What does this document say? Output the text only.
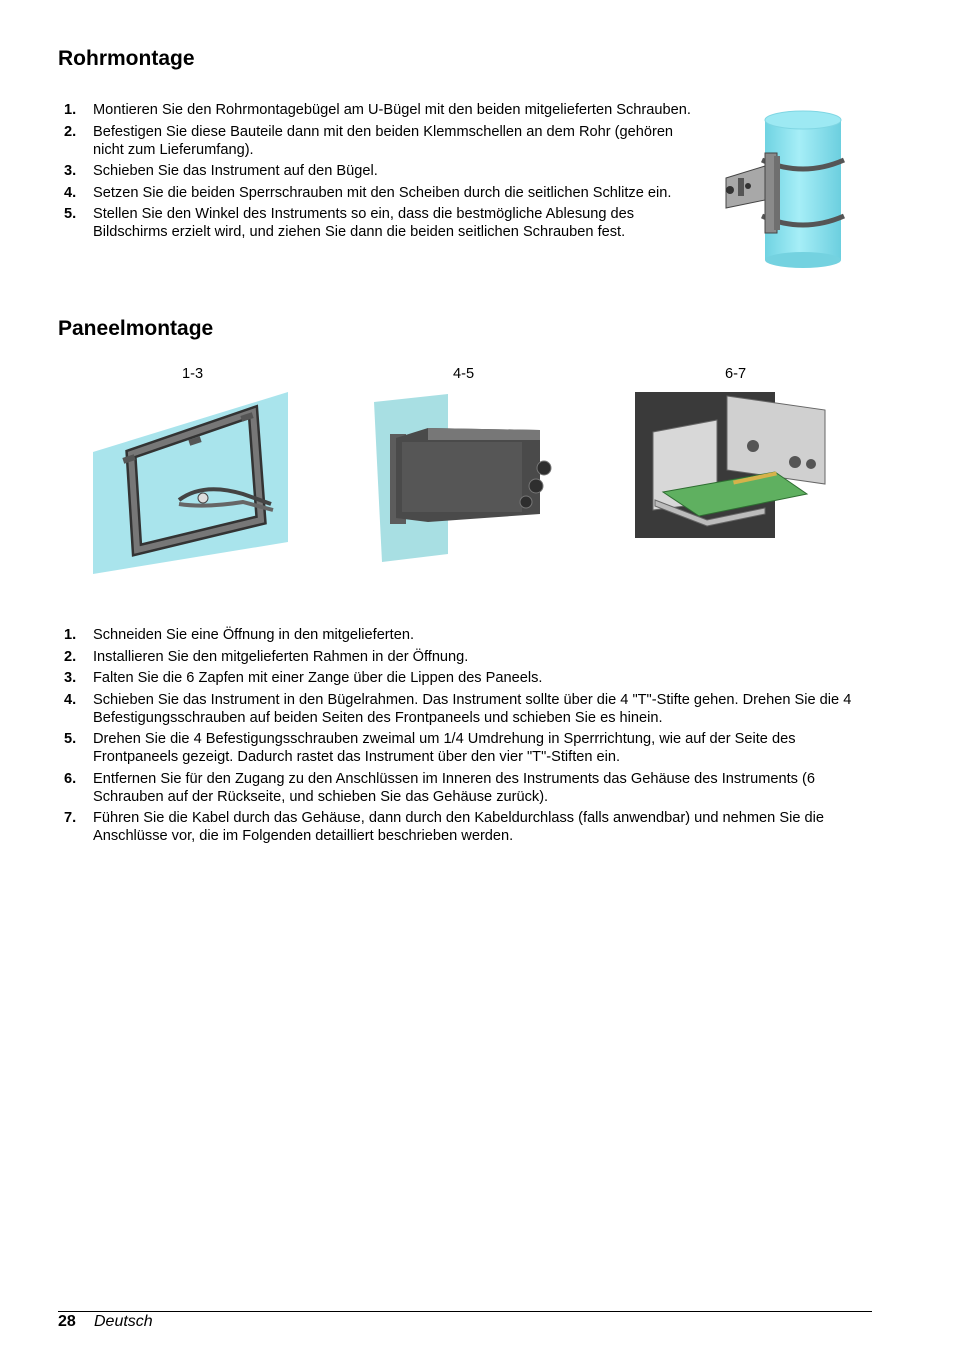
Rohrmontage
1. Montieren Sie den Rohrmontagebügel am U-Bügel mit den beiden mitgelieferten Schrauben.
2. Befestigen Sie diese Bauteile dann mit den beiden Klemmschellen an dem Rohr (gehören nicht zum Lieferumfang).
3. Schieben Sie das Instrument auf den Bügel.
4. Setzen Sie die beiden Sperrschrauben mit den Scheiben durch die seitlichen Schlitze ein.
5. Stellen Sie den Winkel des Instruments so ein, dass die bestmögliche Ablesung des Bildschirms erzielt wird, und ziehen Sie dann die beiden seitlichen Schrauben fest.
Paneelmontage
1-3	4-5	6-7
1. Schneiden Sie eine Öffnung in den mitgelieferten.
2. Installieren Sie den mitgelieferten Rahmen in der Öffnung.
3. Falten Sie die 6 Zapfen mit einer Zange über die Lippen des Paneels.
4. Schieben Sie das Instrument in den Bügelrahmen. Das Instrument sollte über die 4 "T"-Stifte gehen. Drehen Sie die 4 Befestigungsschrauben auf beiden Seiten des Frontpaneels und schieben Sie es hinein.
5. Drehen Sie die 4 Befestigungsschrauben zweimal um 1/4 Umdrehung in Sperrrichtung, wie auf der Seite des Frontpaneels gezeigt. Dadurch rastet das Instrument über den vier "T"-Stiften ein.
6. Entfernen Sie für den Zugang zu den Anschlüssen im Inneren des Instruments das Gehäuse des Instruments (6 Schrauben auf der Rückseite, und schieben Sie das Gehäuse zurück).
7. Führen Sie die Kabel durch das Gehäuse, dann durch den Kabeldurchlass (falls anwendbar) und nehmen Sie die Anschlüsse vor, die im Folgenden detailliert beschrieben werden.
28 Deutsch
